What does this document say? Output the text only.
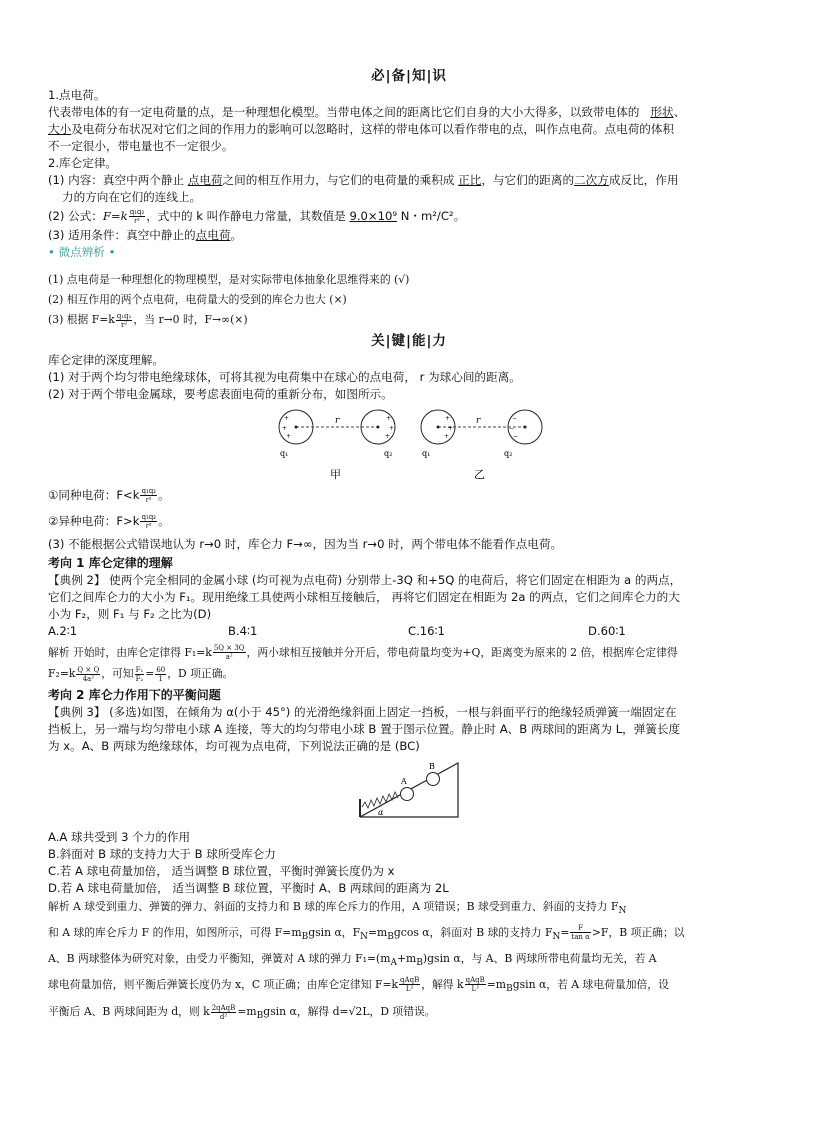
必|备|知|识
1.点电荷。
代表带电体的有一定电荷量的点，是一种理想化模型。当带电体之间的距离比它们自身的大小大得多，以致带电体的 形状、
大小及电荷分布状况对它们之间的作用力的影响可以忽略时，这样的带电体可以看作带电的点，叫作点电荷。点电荷的体积
不一定很小，带电量也不一定很少。
2.库仑定律。
(1) 内容：真空中两个静止 点电荷之间的相互作用力，与它们的电荷量的乘积成 正比，与它们的距离的二次方成反比，作用
力的方向在它们的连线上。
(2) 公式：$F=k \frac{\text{q₁q₂}}{\text{r²}}$ ，式中的 k 叫作静电力常量，其数值是 9.0×10⁹ N・m²/C²。
(3) 适用条件：真空中静止的点电荷。
• 微点辨析 •
(1) 点电荷是一种理想化的物理模型，是对实际带电体抽象化思维得来的 (√)
(2) 相互作用的两个点电荷，电荷量大的受到的库仑力也大 (×)
(3) 根据 $F=k \frac{\text{q₁q₂}}{\text{r²}}$ ，当 r→0 时，F→∞(×)
关|键|能|力
库仑定律的深度理解。
(1) 对于两个均匀带电绝缘球体，可将其视为电荷集中在球心的点电荷， r 为球心间的距离。
(2) 对于两个带电金属球，要考虑表面电荷的重新分布，如图所示。
+
+
+
+
+
+
r
q₁	q₂
甲
+
+
+
−
−
−
r
q₁	q₂
乙
①同种电荷：$F<k \frac{\text{q₁q₂}}{\text{r²}}$ 。
②异种电荷：$F>k \frac{\text{q₁q₂}}{\text{r²}}$ 。
(3) 不能根据公式错误地认为 r→0 时，库仑力 F→∞，因为当 r→0 时，两个带电体不能看作点电荷。
考向 1 库仑定律的理解
【典例 2】 使两个完全相同的金属小球 (均可视为点电荷) 分别带上-3Q 和+5Q 的电荷后，将它们固定在相距为 a 的两点，
它们之间库仑力的大小为 F₁。现用绝缘工具使两小球相互接触后， 再将它们固定在相距为 2a 的两点，它们之间库仑力的大
小为 F₂，则 F₁ 与 F₂ 之比为(D)
A.2∶1	B.4∶1	C.16∶1	D.60∶1
解析 开始时，由库仑定律得 $F_1=k \frac{5Q \times 3Q}{\text{a²}}$ ，两小球相互接触并分开后，带电荷量均变为+Q，距离变为原来的 2 倍，根据库仑定律得
$F_2=k \frac{Q \times Q}{\text{4a²}}$ ，可知 $\frac{\text{F₁}}{\text{F₂}} = \frac{60}{1}$ ，D 项正确。
考向 2 库仑力作用下的平衡问题
【典例 3】 (多选)如图，在倾角为 α(小于 45°) 的光滑绝缘斜面上固定一挡板，一根与斜面平行的绝缘轻质弹簧一端固定在
挡板上，另一端与均匀带电小球 A 连接，等大的均匀带电小球 B 置于图示位置。静止时 A、B 两球间的距离为 L，弹簧长度
为 x。A、B 两球为绝缘球体，均可视为点电荷，下列说法正确的是 (BC)
A
B
α
A.A 球共受到 3 个力的作用
B.斜面对 B 球的支持力大于 B 球所受库仑力
C.若 A 球电荷量加倍， 适当调整 B 球位置，平衡时弹簧长度仍为 x
D.若 A 球电荷量加倍， 适当调整 B 球位置，平衡时 A、B 两球间的距离为 2L
解析 A 球受到重力、弹簧的弹力、斜面的支持力和 B 球的库仑斥力的作用，A 项错误；B 球受到重力、斜面的支持力 $F_N$
和 A 球的库仑斥力 F 的作用，如图所示，可得 $F=m_Bgsin$ α，$F_N=m_Bgcos$ α，斜面对 B 球的支持力 $F_N= \frac{F}{\text{tan α}} >F$，B 项正确；以
A、B 两球整体为研究对象，由受力平衡知，弹簧对 A 球的弹力 $F_1=(m_A+m_B)gsin$ α，与 A、B 两球所带电荷量均无关，若 A
球电荷量加倍，则平衡后弹簧长度仍为 x，C 项正确；由库仑定律知 $F=k \frac{\text{qAqB}}{\text{L²}}$ ，解得 k $\frac{\text{qAqB}}{\text{L²}} =m_Bgsin$ α，若 A 球电荷量加倍，设
平衡后 A、B 两球间距为 d，则 k $\frac{\text{2qAqB}}{\text{d²}} =m_Bgsin$ α，解得 d=√2L，D 项错误。
